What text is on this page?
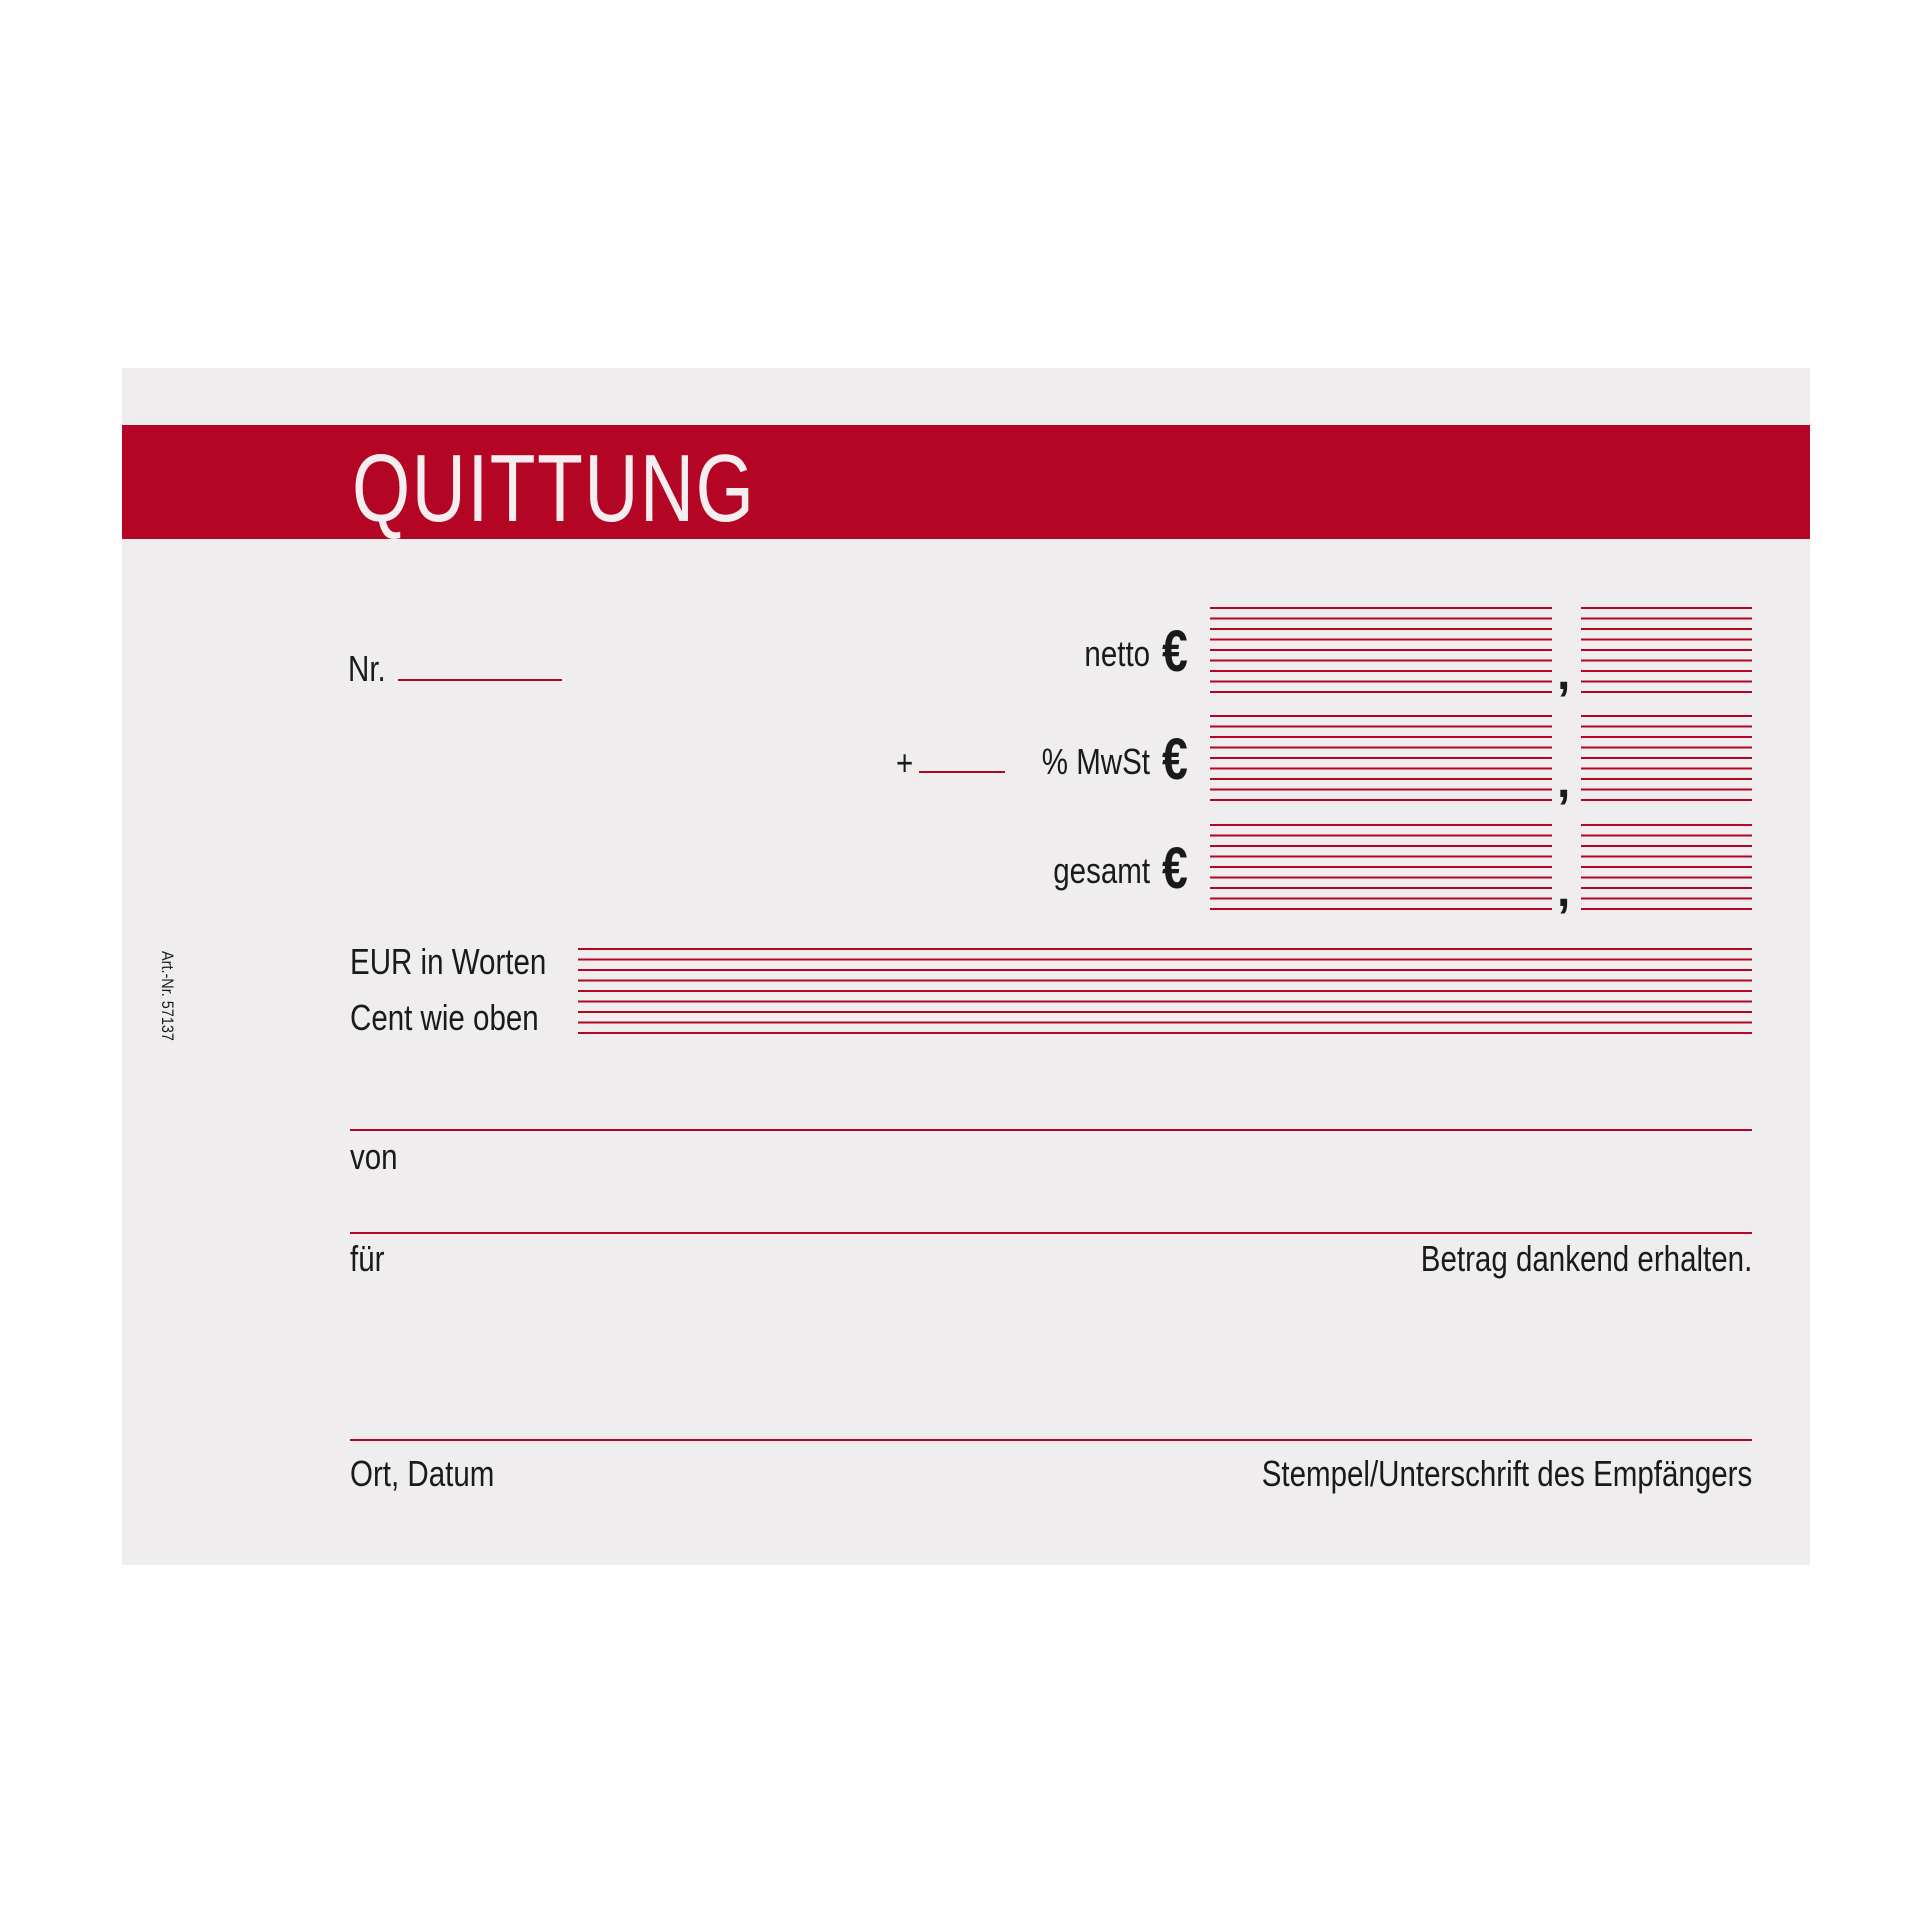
QUITTUNG
Nr.	netto €	,
+	% MwSt €	,
gesamt €	,
EUR in Worten
Cent wie oben
von
für	Betrag dankend erhalten.
Ort, Datum	Stempel/Unterschrift des Empfängers
Art.-Nr. 57137
